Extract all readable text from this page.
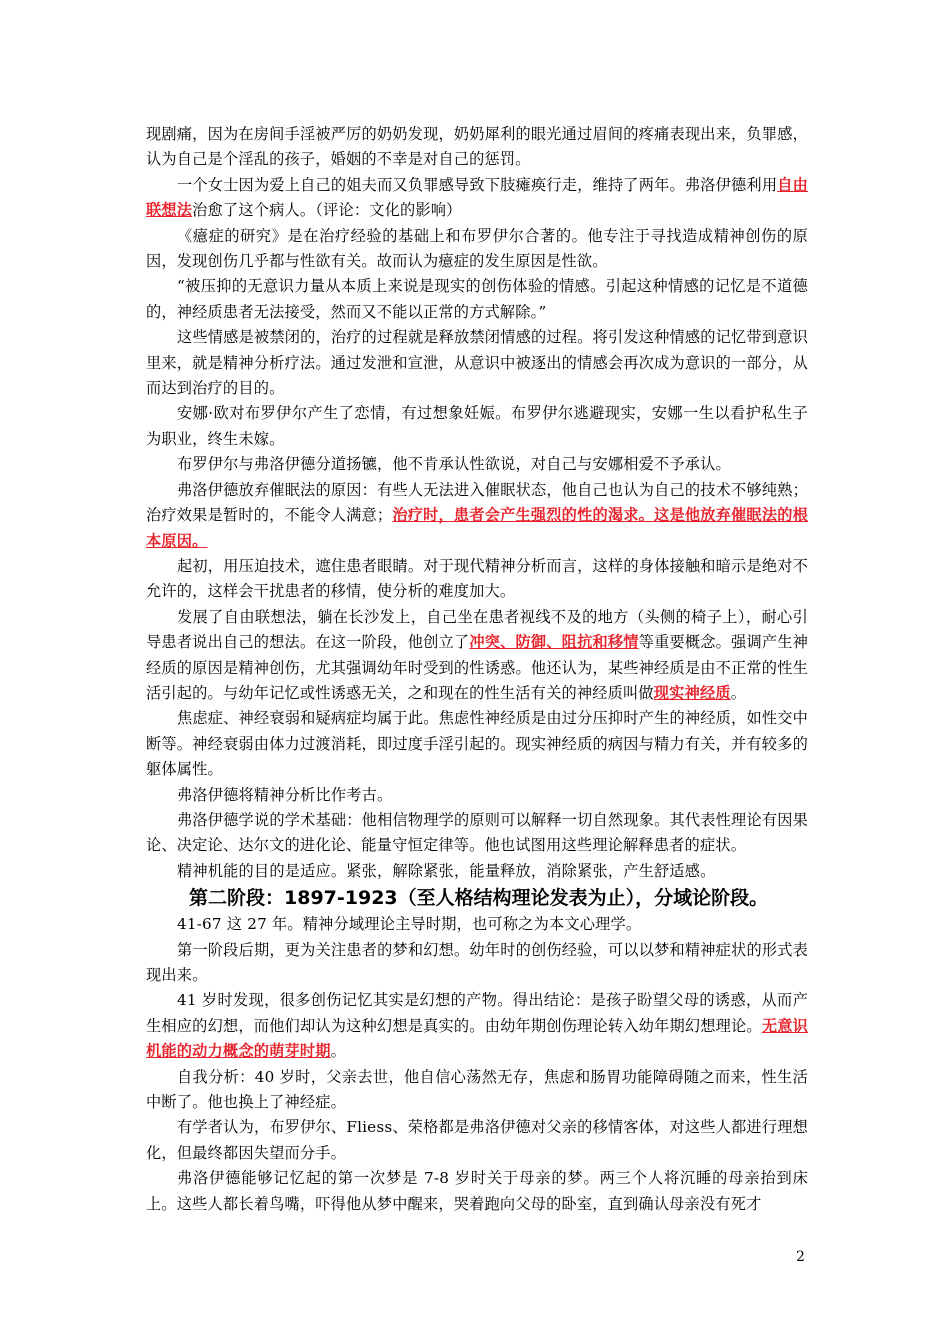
现剧痛，因为在房间手淫被严厉的奶奶发现，奶奶犀利的眼光通过眉间的疼痛表现出来，负罪感，认为自己是个淫乱的孩子，婚姻的不幸是对自己的惩罚。

一个女士因为爱上自己的姐夫而又负罪感导致下肢瘫痪行走，维持了两年。弗洛伊德利用自由联想法治愈了这个病人。（评论：文化的影响）

《癔症的研究》是在治疗经验的基础上和布罗伊尔合著的。他专注于寻找造成精神创伤的原因，发现创伤几乎都与性欲有关。故而认为癔症的发生原因是性欲。

“被压抑的无意识力量从本质上来说是现实的创伤体验的情感。引起这种情感的记忆是不道德的，神经质患者无法接受，然而又不能以正常的方式解除。”

这些情感是被禁闭的，治疗的过程就是释放禁闭情感的过程。将引发这种情感的记忆带到意识里来，就是精神分析疗法。通过发泄和宣泄，从意识中被逐出的情感会再次成为意识的一部分，从而达到治疗的目的。

安娜·欧对布罗伊尔产生了恋情，有过想象妊娠。布罗伊尔逃避现实，安娜一生以看护私生子为职业，终生未嫁。

布罗伊尔与弗洛伊德分道扬镳，他不肯承认性欲说，对自己与安娜相爱不予承认。

弗洛伊德放弃催眠法的原因：有些人无法进入催眠状态，他自己也认为自己的技术不够纯熟；治疗效果是暂时的，不能令人满意；治疗时，患者会产生强烈的性的渴求。这是他放弃催眠法的根本原因。

起初，用压迫技术，遮住患者眼睛。对于现代精神分析而言，这样的身体接触和暗示是绝对不允许的，这样会干扰患者的移情，使分析的难度加大。

发展了自由联想法，躺在长沙发上，自己坐在患者视线不及的地方（头侧的椅子上），耐心引导患者说出自己的想法。在这一阶段，他创立了冲突、防御、阻抗和移情等重要概念。强调产生神经质的原因是精神创伤，尤其强调幼年时受到的性诱惑。他还认为，某些神经质是由不正常的性生活引起的。与幼年记忆或性诱惑无关，之和现在的性生活有关的神经质叫做现实神经质。

焦虑症、神经衰弱和疑病症均属于此。焦虑性神经质是由过分压抑时产生的神经质，如性交中断等。神经衰弱由体力过渡消耗，即过度手淫引起的。现实神经质的病因与精力有关，并有较多的躯体属性。

弗洛伊德将精神分析比作考古。

弗洛伊德学说的学术基础：他相信物理学的原则可以解释一切自然现象。其代表性理论有因果论、决定论、达尔文的进化论、能量守恒定律等。他也试图用这些理论解释患者的症状。

精神机能的目的是适应。紧张，解除紧张，能量释放，消除紧张，产生舒适感。

第二阶段：1897-1923（至人格结构理论发表为止），分域论阶段。

41-67 这 27 年。精神分域理论主导时期，也可称之为本文心理学。

第一阶段后期，更为关注患者的梦和幻想。幼年时的创伤经验，可以以梦和精神症状的形式表现出来。

41 岁时发现，很多创伤记忆其实是幻想的产物。得出结论：是孩子盼望父母的诱惑，从而产生相应的幻想，而他们却认为这种幻想是真实的。由幼年期创伤理论转入幼年期幻想理论。无意识机能的动力概念的萌芽时期。

自我分析：40 岁时，父亲去世，他自信心荡然无存，焦虑和肠胃功能障碍随之而来，性生活中断了。他也换上了神经症。

有学者认为，布罗伊尔、Fliess、荣格都是弗洛伊德对父亲的移情客体，对这些人都进行理想化，但最终都因失望而分手。

弗洛伊德能够记忆起的第一次梦是 7-8 岁时关于母亲的梦。两三个人将沉睡的母亲抬到床上。这些人都长着鸟嘴，吓得他从梦中醒来，哭着跑向父母的卧室，直到确认母亲没有死才

2
